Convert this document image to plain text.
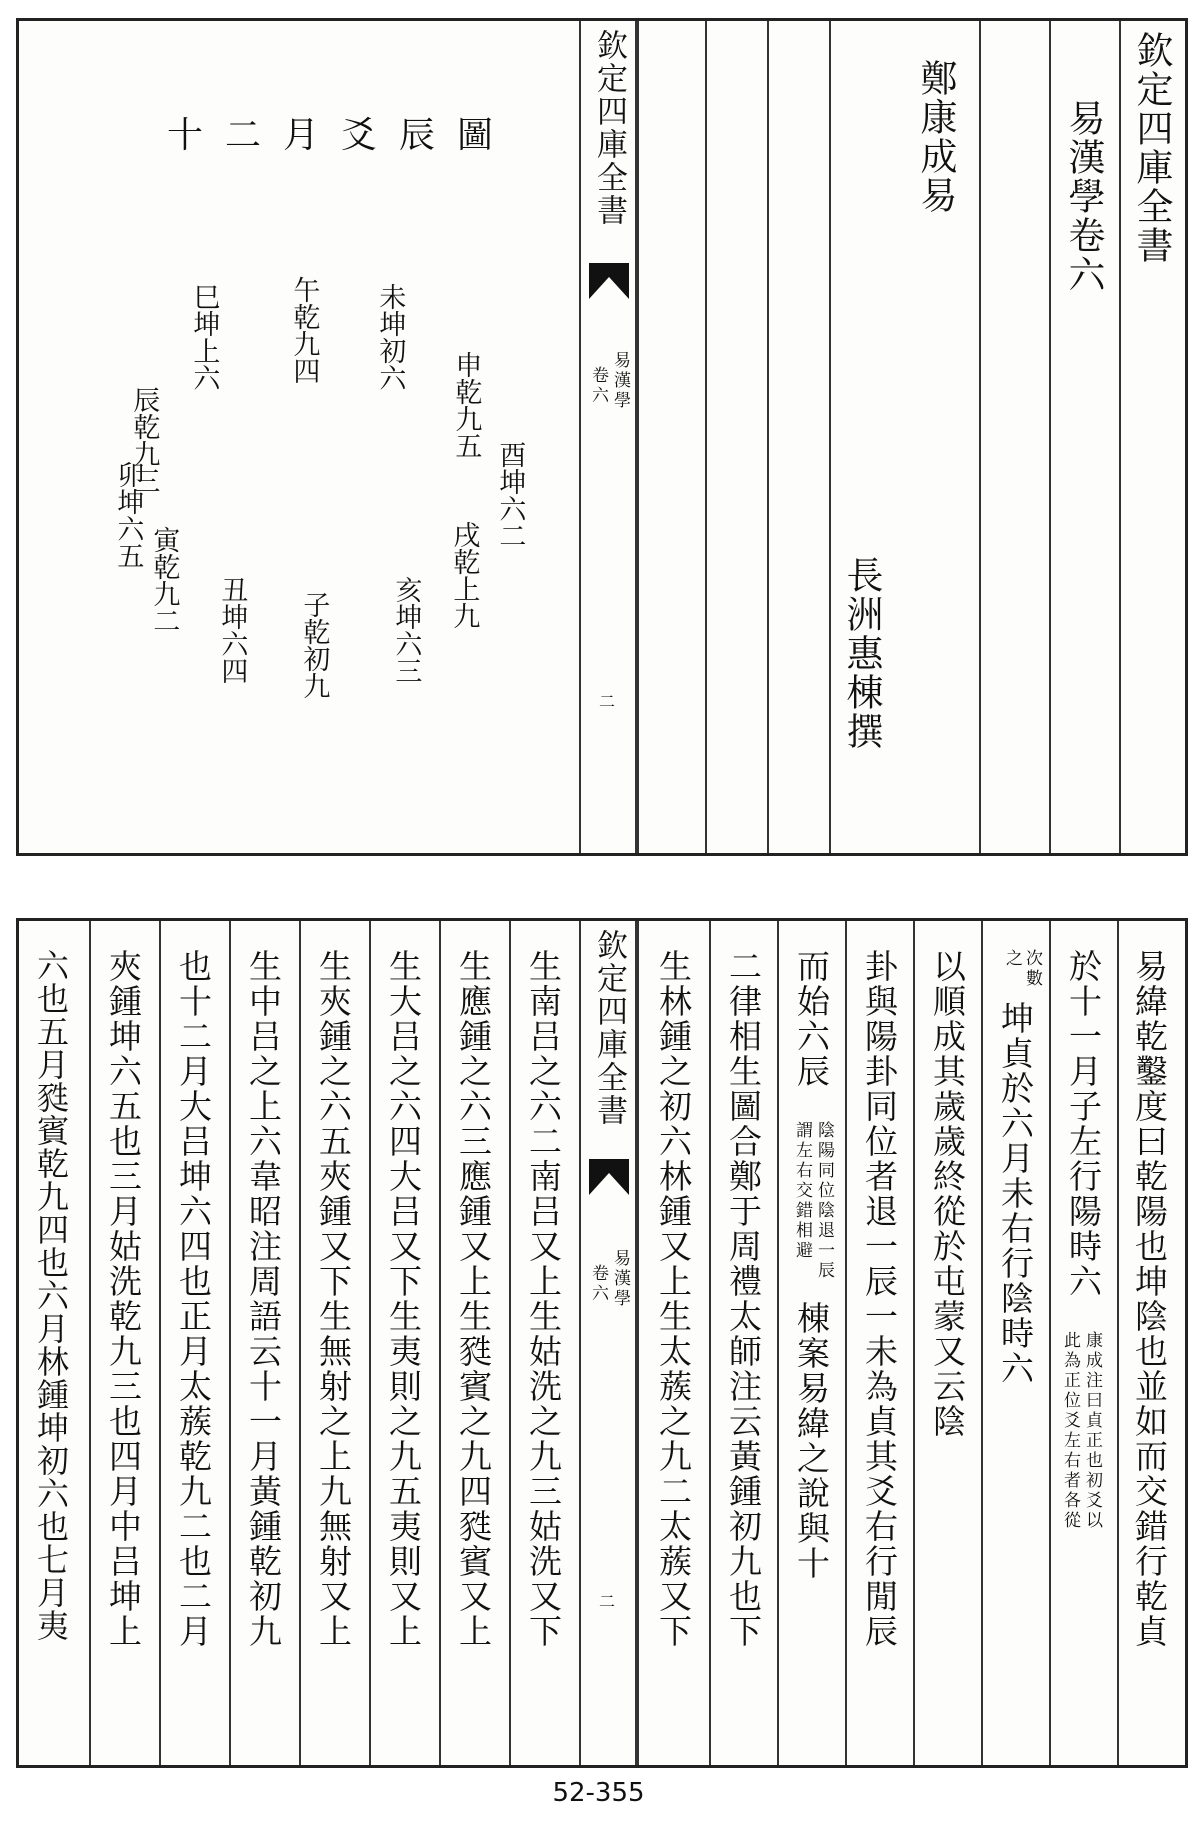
欽定四庫全書
易漢學
卷六
二
鄭康成易
長洲惠棟撰
易漢學卷六 欽定四庫全書
十二月爻辰圖
子乾初九
丑坤六四
寅乾九二
卯坤六五
辰乾九三
巳坤上六	午乾九四 未坤初六
申乾九五
酉坤六二
戌乾上九
亥坤六三
欽定四庫全書
易漢學
卷六
二	易緯乾鑿度曰乾陽也坤陰也並如而交錯行乾貞
於十一月子左行陽時六
康成注曰貞正也初爻以
此為正位爻左右者各從
次數
之
坤貞於六月未右行陰時六
以順成其歲歲終從於屯蒙又云陰
卦與陽卦同位者退一辰一未為貞其爻右行閒辰
而始六辰
陰陽同位陰退一辰
謂左右交錯相避
棟案易緯之說與十
二律相生圖合鄭于周禮太師注云黃鍾初九也下
生林鍾之初六林鍾又上生太蔟之九二太蔟又下
生南吕之六二南吕又上生姑洗之九三姑洗又下
生應鍾之六三應鍾又上生甤賓之九四甤賓又上
生大吕之六四大吕又下生夷則之九五夷則又上
生夾鍾之六五夾鍾又下生無射之上九無射又上
生中吕之上六韋昭注周語云十一月黃鍾乾初九
也十二月大吕坤六四也正月太蔟乾九二也二月
夾鍾坤六五也三月姑洗乾九三也四月中吕坤上
六也五月甤賓乾九四也六月林鍾坤初六也七月夷
52-355
